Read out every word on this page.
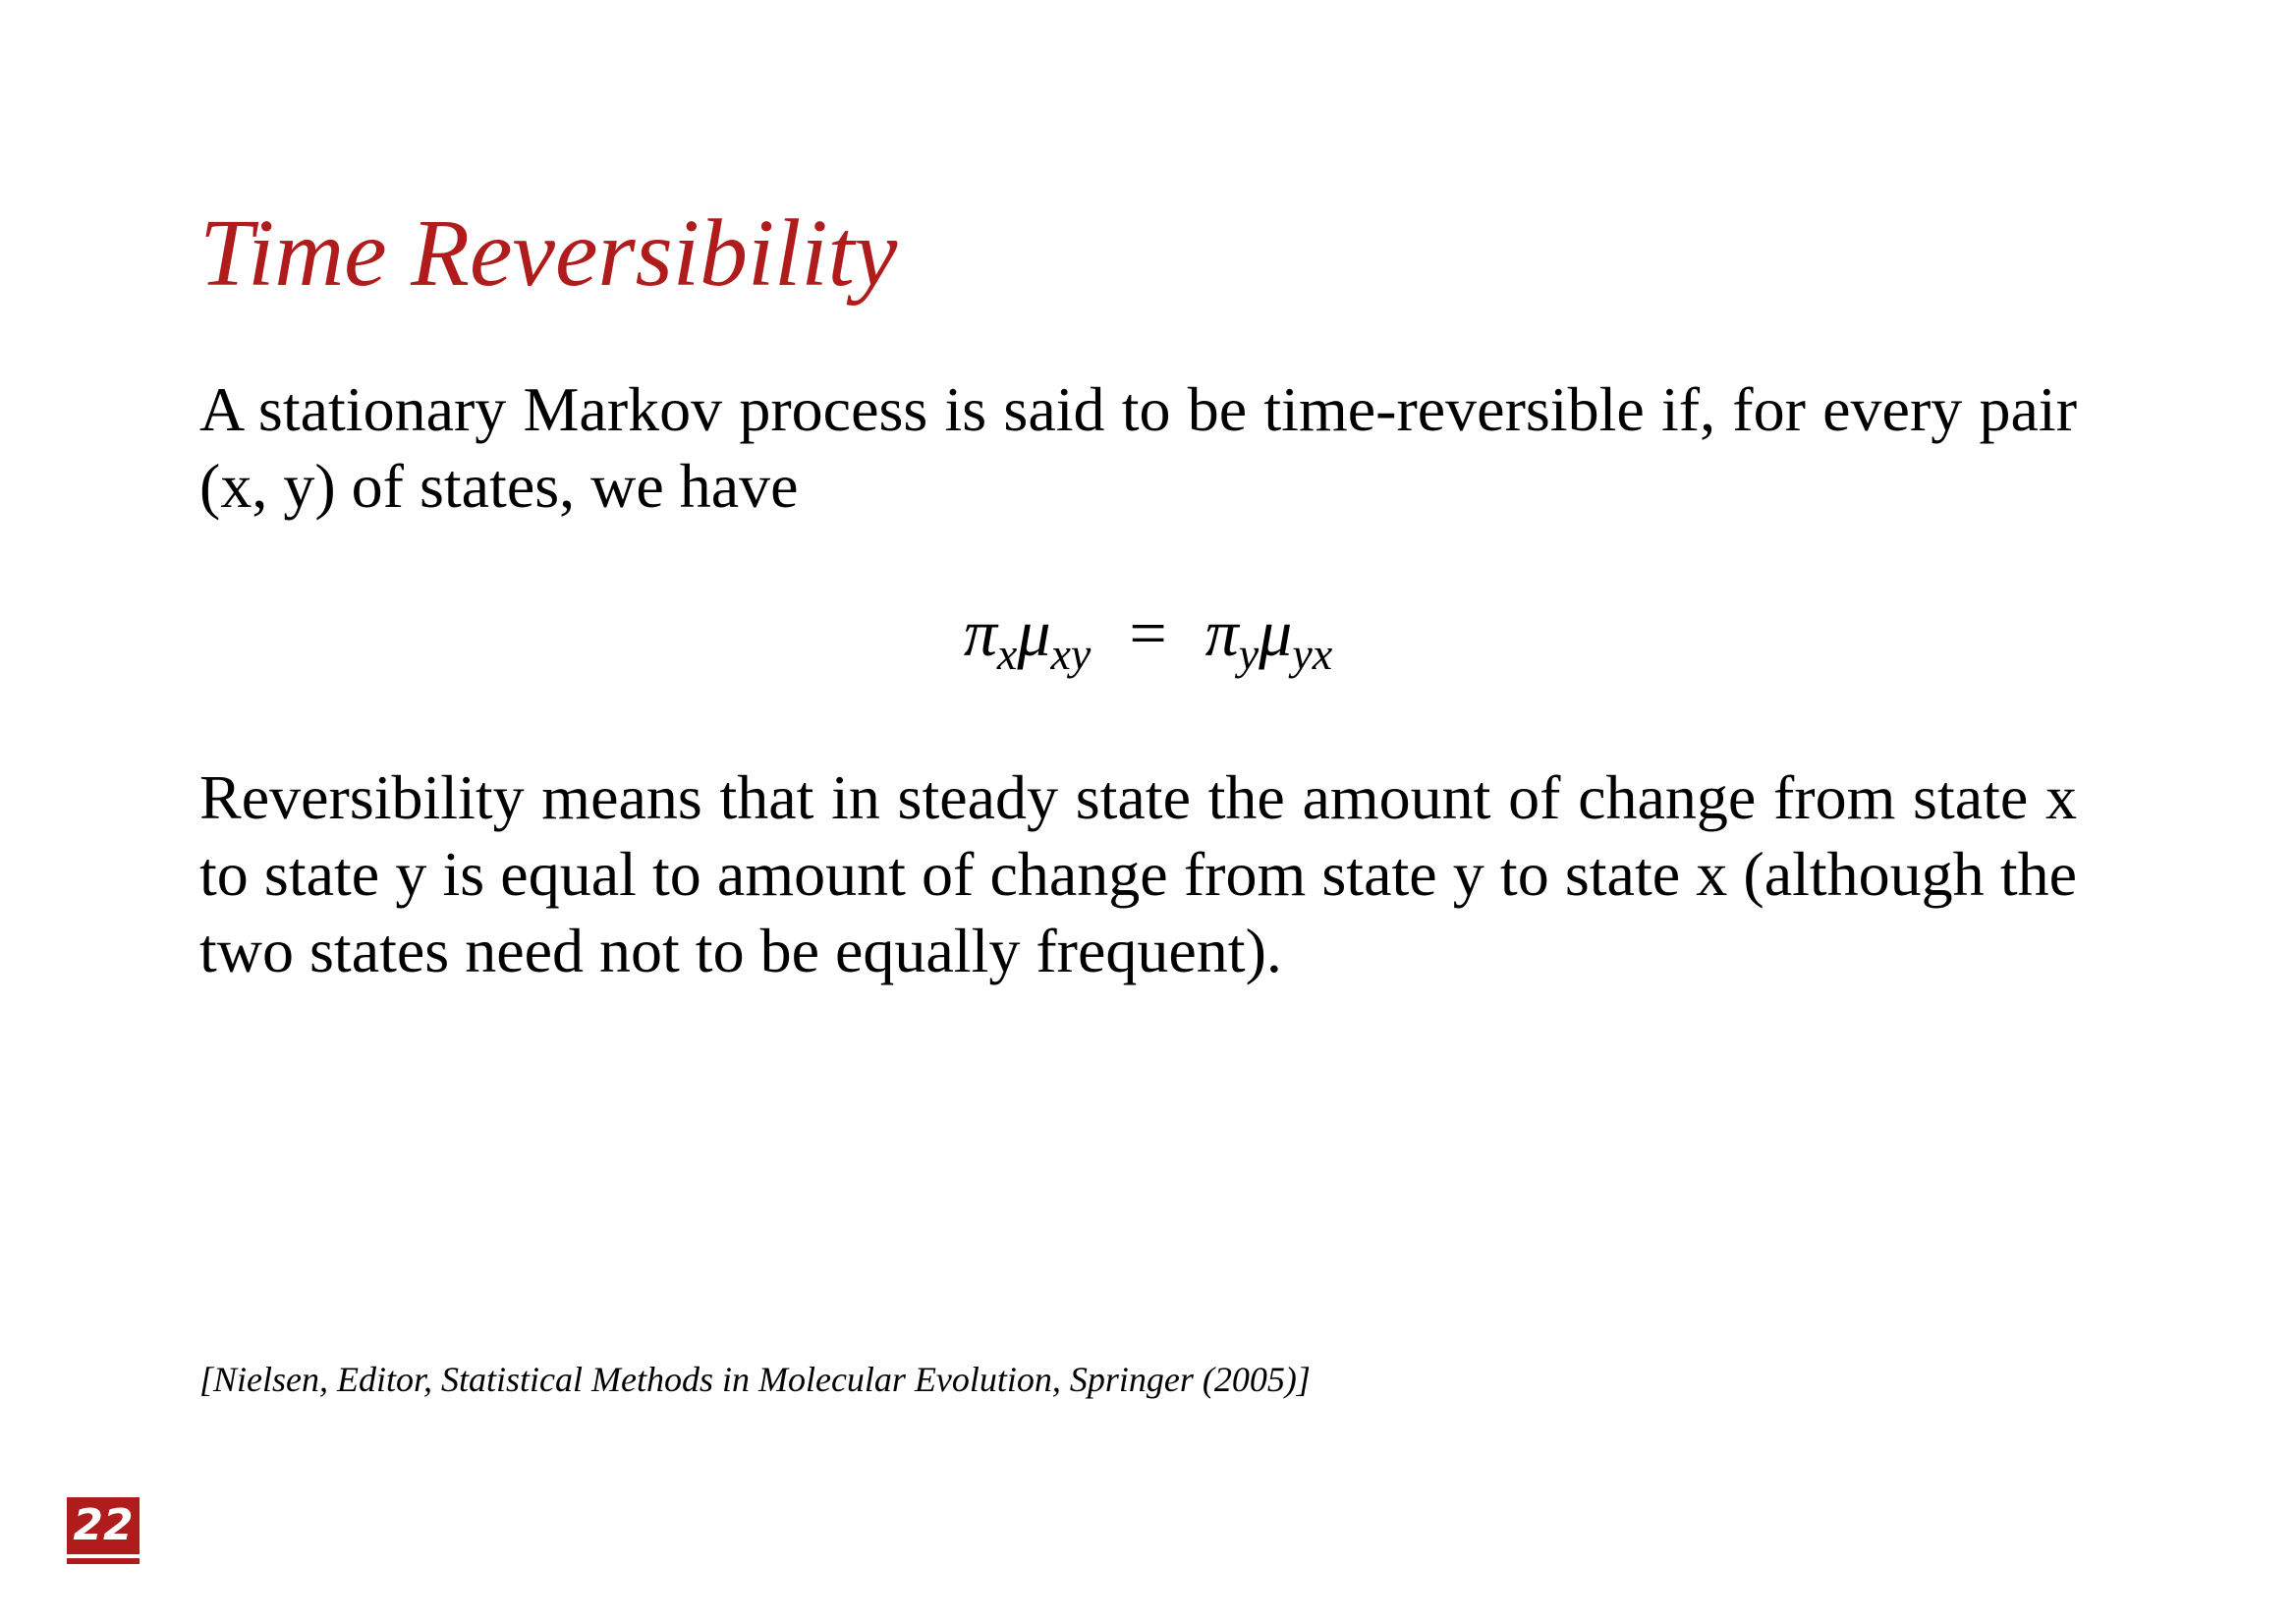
Time Reversibility

A stationary Markov process is said to be time-reversible if, for every pair (x, y) of states, we have

$\pi_x\mu_{xy} = \pi_y\mu_{yx}$

Reversibility means that in steady state the amount of change from state x to state y is equal to amount of change from state y to state x (although the two states need not to be equally frequent).

[Nielsen, Editor, Statistical Methods in Molecular Evolution, Springer (2005)]

22
